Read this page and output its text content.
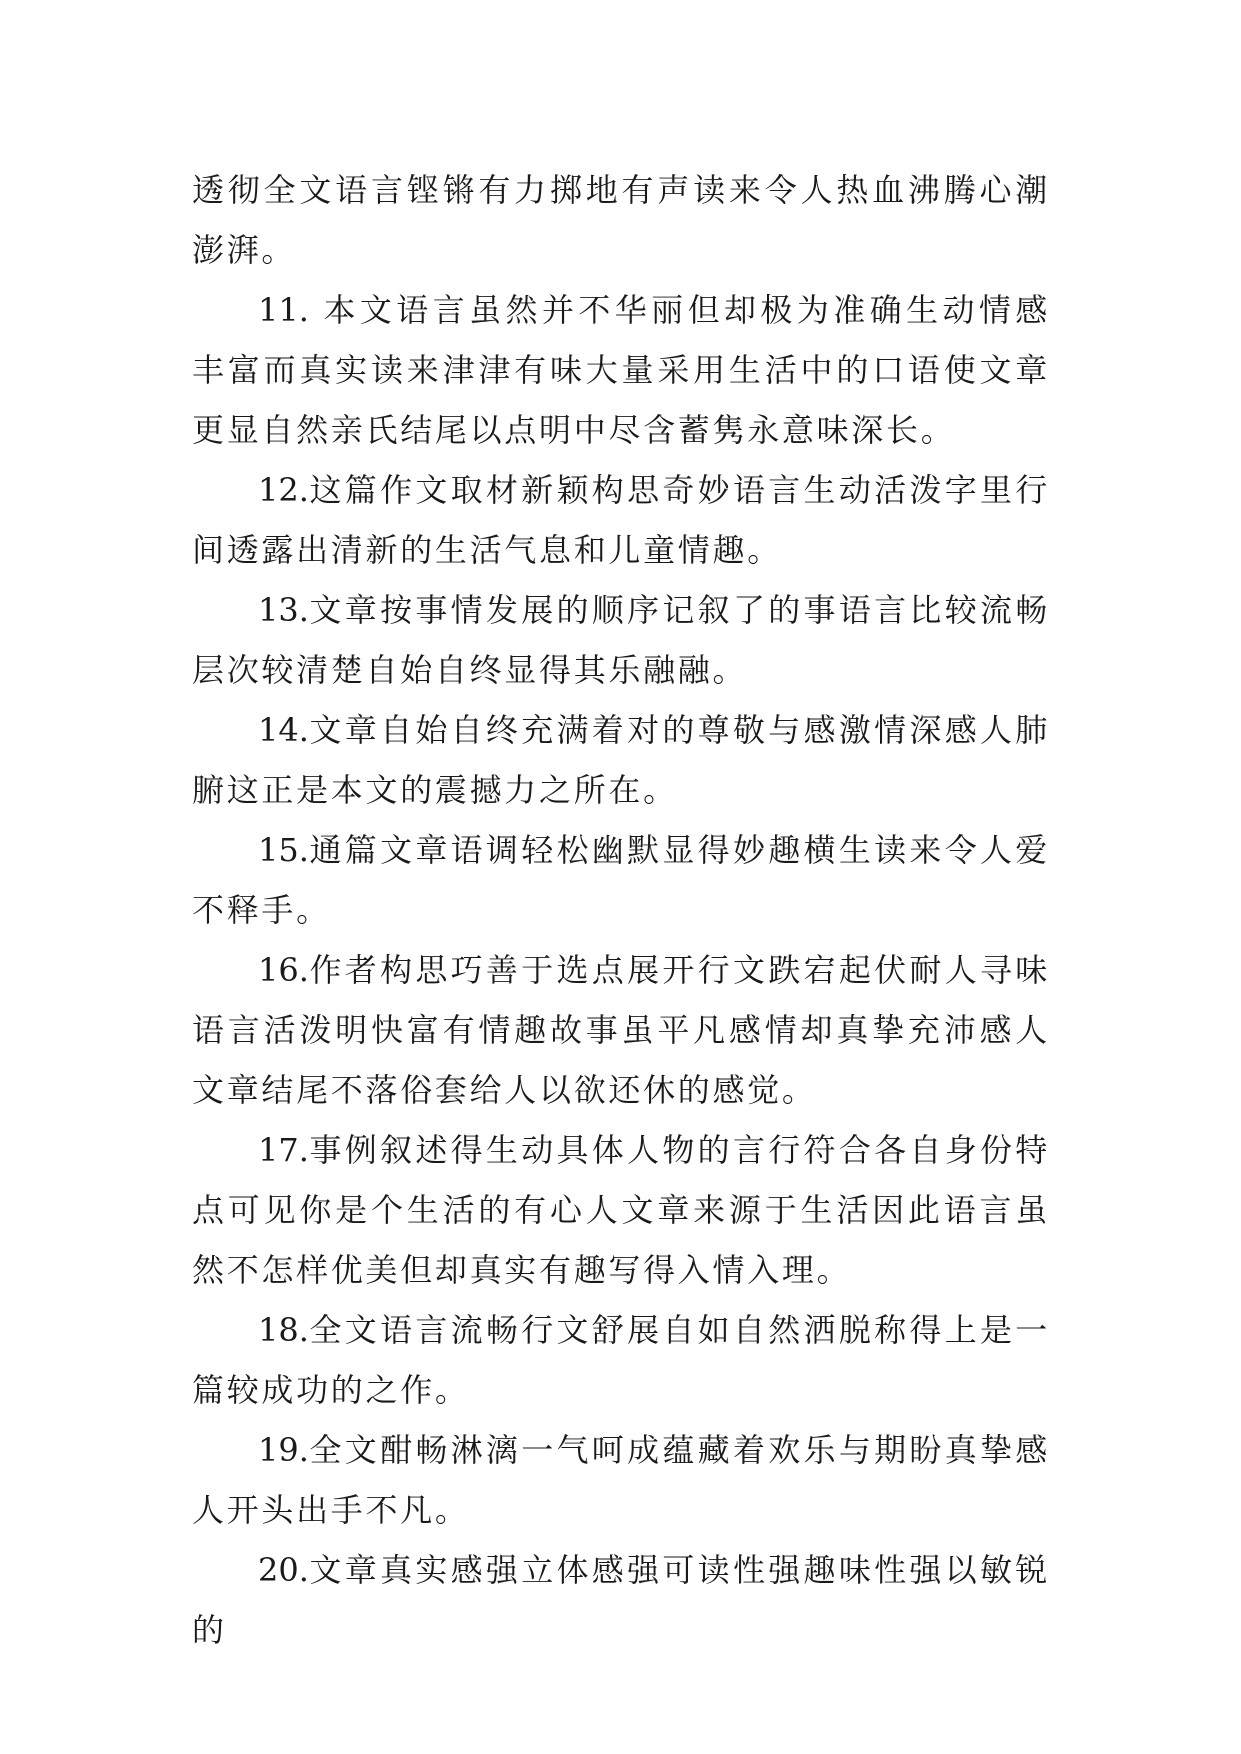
透彻全文语言铿锵有力掷地有声读来令人热血沸腾心潮澎湃。

11. 本文语言虽然并不华丽但却极为准确生动情感丰富而真实读来津津有味大量采用生活中的口语使文章更显自然亲氏结尾以点明中尽含蓄隽永意味深长。

12.这篇作文取材新颖构思奇妙语言生动活泼字里行间透露出清新的生活气息和儿童情趣。

13.文章按事情发展的顺序记叙了的事语言比较流畅层次较清楚自始自终显得其乐融融。

14.文章自始自终充满着对的尊敬与感激情深感人肺腑这正是本文的震撼力之所在。

15.通篇文章语调轻松幽默显得妙趣横生读来令人爱不释手。

16.作者构思巧善于选点展开行文跌宕起伏耐人寻味语言活泼明快富有情趣故事虽平凡感情却真挚充沛感人文章结尾不落俗套给人以欲还休的感觉。

17.事例叙述得生动具体人物的言行符合各自身份特点可见你是个生活的有心人文章来源于生活因此语言虽然不怎样优美但却真实有趣写得入情入理。

18.全文语言流畅行文舒展自如自然洒脱称得上是一篇较成功的之作。

19.全文酣畅淋漓一气呵成蕴藏着欢乐与期盼真挚感人开头出手不凡。

20.文章真实感强立体感强可读性强趣味性强以敏锐的
